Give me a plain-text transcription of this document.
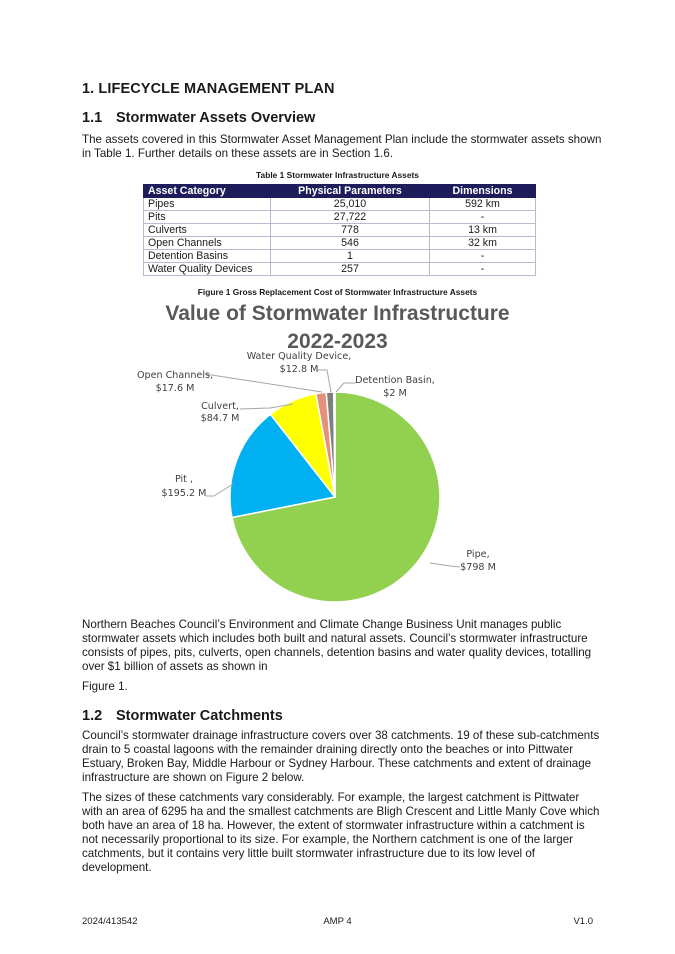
1. LIFECYCLE MANAGEMENT PLAN
1.1 Stormwater Assets Overview
The assets covered in this Stormwater Asset Management Plan include the stormwater assets shown in Table 1. Further details on these assets are in Section 1.6.
Table 1 Stormwater Infrastructure Assets
Asset Category	Physical Parameters	Dimensions
Pipes	25,010	592 km
Pits	27,722	-
Culverts	778	13 km
Open Channels	546	32 km
Detention Basins	1	-
Water Quality Devices	257	-
Figure 1 Gross Replacement Cost of Stormwater Infrastructure Assets
Value of Stormwater Infrastructure
2022-2023
Pipe,
$798 M
Pit ,
$195.2 M
Culvert,
$84.7 M
Open Channels,
$17.6 M
Water Quality Device,
$12.8 M
Detention Basin,
$2 M
Northern Beaches Council’s Environment and Climate Change Business Unit manages public stormwater assets which includes both built and natural assets. Council’s stormwater infrastructure consists of pipes, pits, culverts, open channels, detention basins and water quality devices, totalling over $1 billion of assets as shown in
Figure 1.
1.2 Stormwater Catchments
Council’s stormwater drainage infrastructure covers over 38 catchments. 19 of these sub-catchments drain to 5 coastal lagoons with the remainder draining directly onto the beaches or into Pittwater Estuary, Broken Bay, Middle Harbour or Sydney Harbour. These catchments and extent of drainage infrastructure are shown on Figure 2 below.
The sizes of these catchments vary considerably. For example, the largest catchment is Pittwater with an area of 6295 ha and the smallest catchments are Bligh Crescent and Little Manly Cove which both have an area of 18 ha. However, the extent of stormwater infrastructure within a catchment is not necessarily proportional to its size. For example, the Northern catchment is one of the larger catchments, but it contains very little built stormwater infrastructure due to its low level of development.
2024/413542	AMP 4	V1.0
